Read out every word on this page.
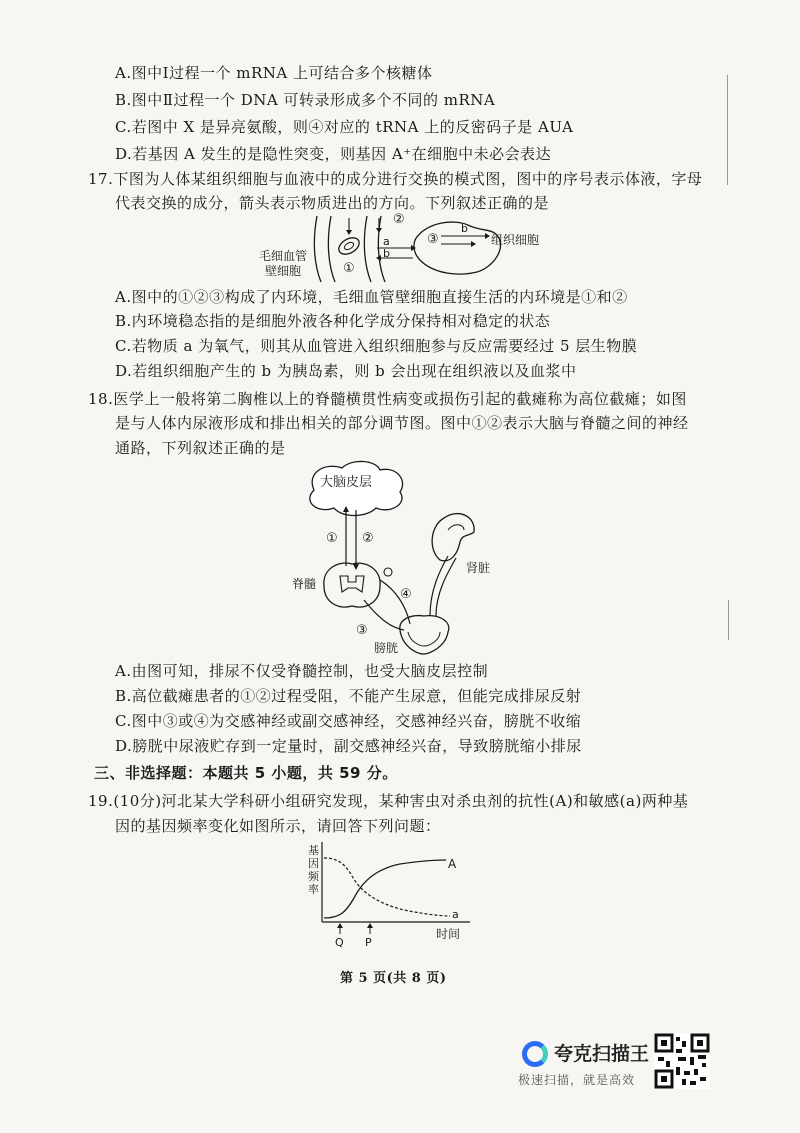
A.图中Ⅰ过程一个 mRNA 上可结合多个核糖体
B.图中Ⅱ过程一个 DNA 可转录形成多个不同的 mRNA
C.若图中 X 是异亮氨酸，则④对应的 tRNA 上的反密码子是 AUA
D.若基因 A 发生的是隐性突变，则基因 A⁺在细胞中未必会表达
17.下图为人体某组织细胞与血液中的成分进行交换的模式图，图中的序号表示体液，字母
代表交换的成分，箭头表示物质进出的方向。下列叙述正确的是
②
a
b
①
③
b
组织细胞
毛细血管
壁细胞
A.图中的①②③构成了内环境，毛细血管壁细胞直接生活的内环境是①和②
B.内环境稳态指的是细胞外液各种化学成分保持相对稳定的状态
C.若物质 a 为氧气，则其从血管进入组织细胞参与反应需要经过 5 层生物膜
D.若组织细胞产生的 b 为胰岛素，则 b 会出现在组织液以及血浆中
18.医学上一般将第二胸椎以上的脊髓横贯性病变或损伤引起的截瘫称为高位截瘫；如图
是与人体内尿液形成和排出相关的部分调节图。图中①②表示大脑与脊髓之间的神经
通路，下列叙述正确的是
大脑皮层
① ②
脊髓
③
④
膀胱
肾脏
A.由图可知，排尿不仅受脊髓控制，也受大脑皮层控制
B.高位截瘫患者的①②过程受阻，不能产生尿意，但能完成排尿反射
C.图中③或④为交感神经或副交感神经，交感神经兴奋，膀胱不收缩
D.膀胱中尿液贮存到一定量时，副交感神经兴奋，导致膀胱缩小排尿
三、非选择题：本题共 5 小题，共 59 分。
19.(10分)河北某大学科研小组研究发现，某种害虫对杀虫剂的抗性(A)和敏感(a)两种基
因的基因频率变化如图所示，请回答下列问题：
基
因
频
率
A
a
Q P
时间
第 5 页(共 8 页)
夸克扫描王
极速扫描，就是高效
